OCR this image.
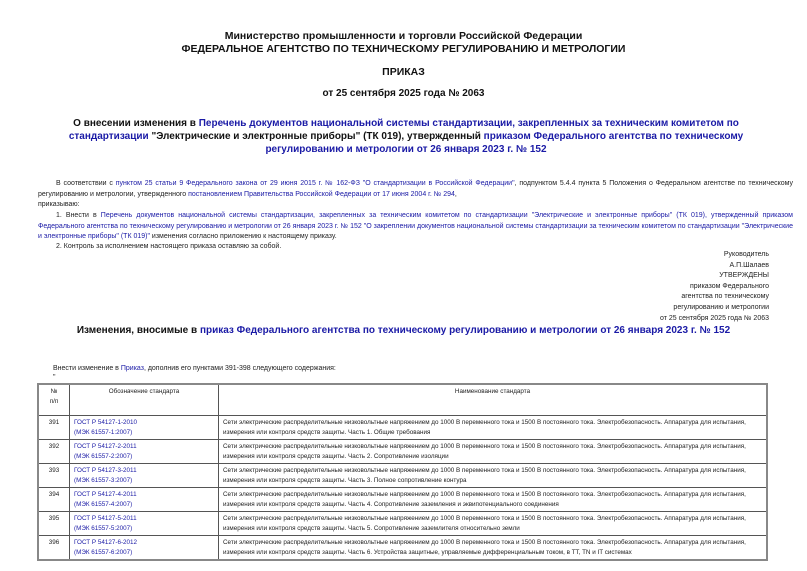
Министерство промышленности и торговли Российской Федерации
ФЕДЕРАЛЬНОЕ АГЕНТСТВО ПО ТЕХНИЧЕСКОМУ РЕГУЛИРОВАНИЮ И МЕТРОЛОГИИ
ПРИКАЗ
от 25 сентября 2025 года № 2063
О внесении изменения в Перечень документов национальной системы стандартизации, закрепленных за техническим комитетом по стандартизации "Электрические и электронные приборы" (ТК 019), утвержденный приказом Федерального агентства по техническому регулированию и метрологии от 26 января 2023 г. № 152
В соответствии с пунктом 25 статьи 9 Федерального закона от 29 июня 2015 г. № 162-ФЗ "О стандартизации в Российской Федерации", подпунктом 5.4.4 пункта 5 Положения о Федеральном агентстве по техническому регулированию и метрологии, утвержденного постановлением Правительства Российской Федерации от 17 июня 2004 г. № 294,
приказываю:
1. Внести в Перечень документов национальной системы стандартизации, закрепленных за техническим комитетом по стандартизации "Электрические и электронные приборы" (ТК 019), утвержденный приказом Федерального агентства по техническому регулированию и метрологии от 26 января 2023 г. № 152 "О закреплении документов национальной системы стандартизации за техническим комитетом по стандартизации "Электрические и электронные приборы" (ТК 019)" изменения согласно приложению к настоящему приказу.
2. Контроль за исполнением настоящего приказа оставляю за собой.
Руководитель
А.П.Шалаев
УТВЕРЖДЕНЫ
приказом Федерального
агентства по техническому
регулированию и метрологии
от 25 сентября 2025 года № 2063
Изменения, вносимые в приказ Федерального агентства по техническому регулированию и метрологии от 26 января 2023 г. № 152
Внести изменение в Приказ, дополнив его пунктами 391-398 следующего содержания:
"
№
п/п	Обозначение стандарта	Наименование стандарта
391	ГОСТ Р 54127-1-2010
(МЭК 61557-1:2007)	Сети электрические распределительные низковольтные напряжением до 1000 В переменного тока и 1500 В постоянного тока. Электробезопасность. Аппаратура для испытания, измерения или контроля средств защиты. Часть 1. Общие требования
392	ГОСТ Р 54127-2-2011
(МЭК 61557-2:2007)	Сети электрические распределительные низковольтные напряжением до 1000 В переменного тока и 1500 В постоянного тока. Электробезопасность. Аппаратура для испытания, измерения или контроля средств защиты. Часть 2. Сопротивление изоляции
393	ГОСТ Р 54127-3-2011
(МЭК 61557-3:2007)	Сети электрические распределительные низковольтные напряжением до 1000 В переменного тока и 1500 В постоянного тока. Электробезопасность. Аппаратура для испытания, измерения или контроля средств защиты. Часть 3. Полное сопротивление контура
394	ГОСТ Р 54127-4-2011
(МЭК 61557-4:2007)	Сети электрические распределительные низковольтные напряжением до 1000 В переменного тока и 1500 В постоянного тока. Электробезопасность. Аппаратура для испытания, измерения или контроля средств защиты. Часть 4. Сопротивление заземления и эквипотенциального соединения
395	ГОСТ Р 54127-5-2011
(МЭК 61557-5:2007)	Сети электрические распределительные низковольтные напряжением до 1000 В переменного тока и 1500 В постоянного тока. Электробезопасность. Аппаратура для испытания, измерения или контроля средств защиты. Часть 5. Сопротивление заземлителя относительно земли
396	ГОСТ Р 54127-6-2012
(МЭК 61557-6:2007)	Сети электрические распределительные низковольтные напряжением до 1000 В переменного тока и 1500 В постоянного тока. Электробезопасность. Аппаратура для испытания, измерения или контроля средств защиты. Часть 6. Устройства защитные, управляемые дифференциальным током, в TT, TN и IT системах
